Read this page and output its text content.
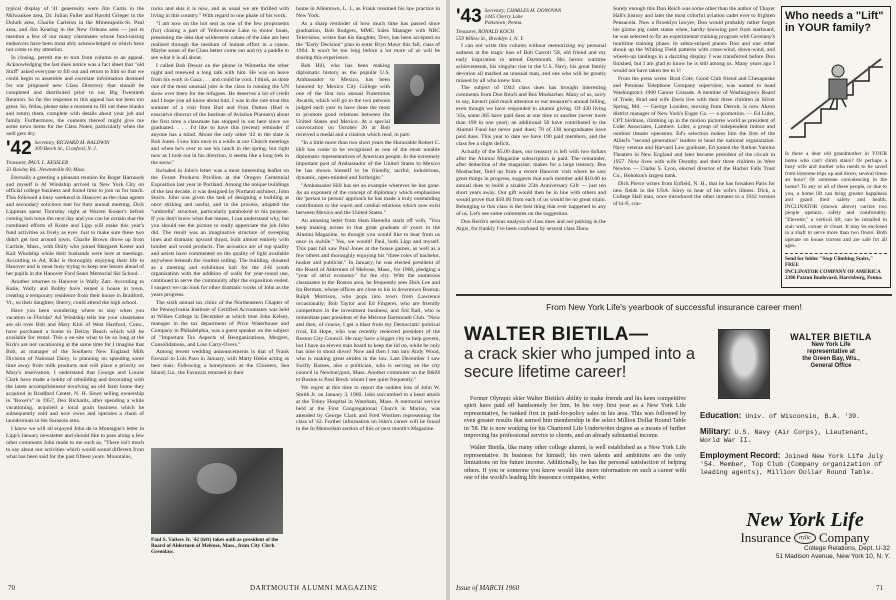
typical display of '41 generosity were Jim Curtis in the Milwaukee area, Dr. Julian Fuller and Harold Grieger in the Duluth area, Charlie Carleton in the Minneapolis-St. Paul area, and Jim Keating in the New Orleans area — just to mention a few of our many classmates whose fund-raising endeavors have been most ably acknowledged or which have not come to my attention.

In closing, permit me to turn from column to an appeal. Acknowledging the last dues notice was a fact sheet that "old Stuff" asked everyone to fill out and return to him so that we could begin to assemble and correlate information destined for our proposed new Class Directory that should be completed and distributed prior to our Big Twentieth Reunion. So far the response to this appeal has not been too great. So, fellas, please take a moment to fill out these blanks and return them, complete with details about your job and family. Furthermore, the contents thereof might give me some news items for the Class Notes, particularly when the well gets dry.

'42 Secretary, RICHARD M. BALDWIN
309 Beech St., Cranford, N. J.

Treasurer, PAUL L. KESSLER

32 Hawley Rd., Newtonville 60, Mass.

Eternally a greeting a pleasant reunion for Roger Harnoork and myself is Al Windship arrived in New York City on official college business and found time to join us for lunch. This followed a busy weekend in Hanover as the class agents and secondary solicitors met for their annual meeting. Dick Lippman spent Thursday night at Warren Koster's before coming into town the next day and you can be certain that the combined efforts of Koste and Lipp will make this year's fund activities as lively as ever. Just to make sure these two didn't get lost around town, Charlie Brown drove up from Carlisle, Mass., with Dolly who joined Margaret Kester and Kail Windship while their husbands were here at meetings. According to Ad, Kiki is thoroughly enjoying their life in Hanover and is most busy trying to keep one lesson ahead of her pupils in the Hanover Ford Sears Memorial Ski School.

Another returnee to Hanover is Wally Zarr. According to Katie, Wally and Bobby have rented a house in town, creating a temporary residence from their house in Bradford, Vt., so their daughter, Sherry, could attend the high school.

Have you been wondering where to stay when you vacation in Florida? Ad Windship tells me your classmates are all over Bob and Mary Kirk of West Hartford, Conn., have purchased a home in Delray Beach which will be available for rental. This a on-site what to be so long at the Kirk's are not vacationing at the same time for I imagine that Bob, as manager of the Southern New England Milk Division of National Dairy, is planning on spending some time away from milk products and will place a priority on Mary's reservation. I understand that George and Louise Clark have made a hobby of rebuilding and decorating with the latest accomplishment involving an old farm home they acquired in Bradford Center, N. H. Since selling ownership in "Boxer's" in 1957, Dex Richards, after spending a while vacationing, acquired a local grain business which he subsequently sold and now owns and operates a chain of laundromats in the Sarasota area.

I know we will all enjoyed John de la Montagne's letter in Lipp's January newsletter and should like to pass along a few other comments John made to me such as, "There isn't much to say about our activities which would sound different from what has been said for the past fifteen years. Mountains,

rocks and skis it is now, and as usual we are thrilled with living in this country." With regard to one phase of his work:

"I am now on the hot seat as one of the few proponents (for) closing a part of Yellowstone Lake to motor boats, presenting the idea that wilderness values of the lake are best realized through the medium of human effort in a canoe. Maybe some of the Class better come out and try a paddle to see what it is all about.

I called Bob Dewar on the phone in Winnetka the other night and renewed a long talk with him. He was on leave from his work in Gaza . . . and could he cool. I think, as done one of the most unusual jobs in the class in running the UN show over there for the refugees. He deserves a lot of credit and I hope you all know about him. I was in the rare treat this summer of a visit from Bud and Fran Dutton (Bud is executive director of the Institute of Aviation Planners) about the first time a classmate has stopped in out here since we graduated. . . . I'd like to have this (recent) reminder if anyone has a mind. About the only other '42 in the state is Bob Jones. I saw him once in a while at our Church meetings and when he's over to see his ranch in the spring, but right now as I look out in his direction, it seems like a long trek in the snow."

Included in John's letter was a most interesting leaflet on the Forest Products Pavilion at the Oregon Centennial Exposition last year in Portland. Among the unique buildings of the last decade, it was designed by Portland architect, John Storrs. John was given the task of designing a building at once striking and useful, and in the process, adapted the "umbrella" structure, particularly paraboloid to his purpose. If you don't know what that means, I can understand why, but you should see the picture to really appreciate the job John did. The result was an imaginative structure of sweeping lines and dramatic upward thrust, built almost entirely with lumber and wood products. The acoustics are of top quality and artists have commented on the quality of light available anywhere beneath the vaulted ceiling. The building, donated as a meeting and exhibition hall for the 4-H youth organization with the addition of walls for year-round use, continued to serve the community after the exposition ended. I suspect we can look for other dramatic works of John as the years progress.

The sixth annual tax clinic of the Northeastern Chapter of the Pennsylvania Institute of Certified Accountants was held at Wilkes College in December at which time John Kelsey, manager in the tax department of Price Waterhouse and Company in Philadelphia, was a guest speaker on the subject of "Important Tax Aspects of Reorganizations, Mergers, Consolidations, and Loss Carry-Overs."

Among recent wedding announcements is that of Frank Favuzzi to Lois Paso in January, with Matty Hekie acting as best man. Following a honeymoon at the Cloisters, Sea Island, Ga., the Favuzzis returned to their

Paul S. Vaitses Jr. '42 (left) takes oath as president of the Board of Aldermen of Melrose, Mass., from City Clerk Greenlaw.

home in Allentown, L. I., as Frank resumed his law practice in New York.

As a sharp reminder of how much time has passed since graduation, Bob Rodgers, MMC Sales Manager with NBC Television, writes that his daughter, Terri, has been accepted on the "Early Decision" plan to enter Bryn Mawr this fall, class of 1964. It won't be too long before a lot more of us will be sharing this experience.

Bob Hill, who has been making diplomatic history as the popular U.S. Ambassador to Mexico, has been honored by Mexico City College with one of the first two annual Fraternitas Awards, which will go to the two persons judged each year to have done the most to promote good relations between the United States and Mexico. At a special convocation on October 20 at Bob received a medal and a citation which read, in part:

"In a little more than two short years the Honorable Robert C. Hill has come to be recognized as one of the most notable diplomatic representatives of American people. In the extremely important post of Ambassador of the United States to Mexico he has shown himself to be friendly, tactful, industrious, dynamic, open-minded and forthright."

"Ambassador Hill has set an example wherever he has gone. As an exponent of the concept of diplomacy which emphasizes the 'person to person' approach he has made a truly outstanding contribution to the warm and cordial relations which now exist between Mexico and the United States."

An amusing letter from Ham Hamelin starts off with, "You keep making noises in that great graduate of yours in the Alumni Magazine, so thought you would like to hear from us once in awhile." Yes, we would! Paul, both Lipp and myself. This past fall saw Paul Jones at the house games, as well as a few others and thoroughly enjoying his "three roles of bachelor, husker and publicist." In January, he was elected president of the Board of Aldermen of Melrose, Mass., for 1960, pledging a "year of strict economy" for the city. With the numerous classmates in the Boston area, he frequently sees Dick Lee and Ira Berman, whose offices are close to his in downtown Boston; Ralph Morrison, who pops into town from Lawrence occasionally; Bob Taylor and Ed Fingeret, who are friendly competitors in the investment business, and Sid Ball, who is immediate past president of the Melrose Dartmouth Club. "Now and then, of course, I get a blast from my Democratic political rival, Ed Hope, who was recently reelected president of the Boston City Council. He may have a bigger city to help govern, but I have an eleven man board to keep the lid on, while he only has nine to shout down! Now and then I run into Andy Wood, who is making great strides in the law. Last December I saw Swifty Barnes, also a politician, who is serving on the city council in Newburyport, Mass. Another commuter on the B&M to Boston is Paul Breck whom I see quite frequently."

We regret at this time to report the sudden loss of John W. Smith Jr. on January 3, 1960. John succumbed to a heart attack at the Tobey Hospital in Wareham, Mass. A memorial service held at the First Congregational Church in Marion, was attended by George Clark and Fred Worthen representing the class of '42. Further information on John's career will be found in the In Memoriam section of this or next month's Magazine.

70	DARTMOUTH ALUMNI MAGAZINE
'43 Secretary, CHARLES M. DONOVAN
1445 Cherry Lane
Pottstown, Penna.

Treasurer, RONALD KOCH

559 Willow St., Brooklyn 1, N. Y.

I can not write this column without memorizing my personal sadness at the tragic loss of Bob Carroll '58, old friend and my early inspiration to attend Dartmouth. His heroic wartime achievements, his singular rise in the U.S. Navy, his great family devotion all marked an unusual man, and one who will be greatly missed by all who knew him.

The subject of 1943 class dues has brought interesting comments from Don Reich and Bus Mosbacher. Many of us, sorry to say, haven't paid much attention to our treasurer's annual billing, even though we have responded to alumni giving. Of 430 living '43s, some 365 have paid dues at one time or another (never more than 190 in one year); an additional 50 have contributed to the Alumni Fund but never paid dues; 70 of 130 nongraduates have paid dues. This year to date we have 190 paid members, and the class fee a slight deficit.

Actually of the $5.00 dues, our treasury is left with two dollars after the Alumni Magazine subscription is paid. The remainder, after deduction of the magazine, makes for a large treasury. Bus Mosbacher, fired up from a recent Hanover visit where he saw great things in progress, suggests that each member add $10.00 to annual dues to build a sizable 25th Anniversary Gift — just ten short years away. Our gift would then be in line with others and would prove that $10.00 from each of us would be no great strain. Belonging to this class is the best thing that ever happened to any of us. Let's see some comments on the suggestion.

Don Reich's serious analysis of class dues and our parking in the Argis, for frankly I've been confused by several class Dons.

Surely enough this Don Reich was some other than the author of Thayer Hall's history and later the most colorful aviation cadet ever to frighten Pensacola. Now a Brooklyn lawyer, Don would probably rather forget his gizmo pig cadet status when, hardly knowing port from starboard, he was selected to fly an experimental training program with Germany's maritime training phase. In zebra-striped planes Don and one other shook up the Whiting Field patterns with cross-wind, down-wind, and wheels-up landings in a dazzling display. I was transferred before Don finished, but I am glad to know he is still among us. Many years ago I would not have taken ten to 1!

From the press wires: Brad Cole, Good Club friend and Chesapeake and Potomac Telephone Company supervisor, was named to head Washington's 1960 Cancer Crusade. A member of Washington's Board of Trade, Brad and wife Doris live with their three children in Silver Spring, Md. — George Lowden, moving from Detroit, is now Akron district manager of New York's Euger Co. — a promotion. — Ed Lider, CPT birdman, climbing up in the motion pictures world as president of Lider Associates, Lambert. Lider, a group of independent indoor and outdoor theater operators. Ed's selection makes him the first of the Allied's "second generation" leaders to head the national organization. Navy veteran and Harvard Law graduate, Ed joined the Nathan Yamins Theaters in New England and later became president of the circuit in 1957. Now lives with wife Dorothy and their three children in West Newton — Clarke S. Lyon, elected director of the Harbor Falls Trust Co., Hohokus's largest bank.

Dick Pierce writes from Enfield, N. H., that he has forsaken Paris for new fields in the USA. Sorry to hear of his wife's illness. Dick, a College Hall man, once introduced the other inmates to a 1942 version of hi-fi, con-

Who needs a "Lift" in YOUR family?
Is there a dear old grandmother in YOUR home who can't climb stairs? Or perhaps a busy wife and mother who needs to be saved from tiresome trips up and down, several times an hour? Or someone convalescing in the home? To any or all of these people, or due to you, a home lift can bring greater happiness and guard their safety and health. INCLINATOR (shown above) carries two people upstairs, safely and comfortably. "Elevette," a vertical lift, can be installed in stair well, corner or closet. It may be enclosed in a shaft to serve more than two floors. Both operate on house current and are safe for all ages.
Send for folder "Stop Climbing Stairs," FREE
INCLINATOR COMPANY OF AMERICA
2306 Paxton Boulevard, Harrisburg, Penna.
From New York Life's yearbook of successful insurance career men!
WALTER BIETILA—
a crack skier who jumped into a secure lifetime career!

Former Olympic skier Walter Bietila's ability to make friends and his keen competitive spirit have paid off handsomely for him. In his very first year as a New York Life representative, he ranked first in paid-for-policy sales in his area. This was followed by even greater results that earned him membership in the select Million Dollar Round Table in '58. He is now working for his Chartered Life Underwriter degree as a means of further improving his professional service to clients, and an already substantial income.

Walter Bietila, like many other college alumni, is well established as a New York Life representative. In business for himself, his own talents and ambitions are the only limitations on his future income. Additionally, he has the personal satisfaction of helping others. If you or someone you know would like more information on such a career with one of the world's leading life insurance companies, write:

WALTER BIETILA
New York Life
representative at
the Green Bay, Wis.,
General Office
Education: Univ. of Wisconsin, B.A. '39.
Military: U.S. Navy (Air Corps), Lieutenant, World War II.
Employment Record: Joined New York Life July '54. Member, Top Club (Company organization of leading agents), Million Dollar Round Table.
New York Life
Insurance	nylic Company
College Relations, Dept. U-32
51 Madison Avenue, New York 10, N. Y.
Issue of MARCH 1960	71
